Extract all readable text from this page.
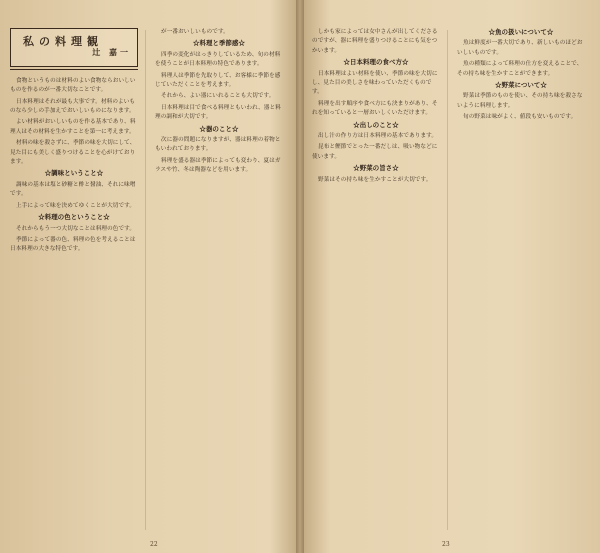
私の料理観

辻 嘉一

食物というものは材料のよい食物ならおいしいものを作るのが一番大切なことです。

日本料理はそれが最も大事です。材料のよいものなら少しの手加えでおいしいものになります。

よい材料がおいしいものを作る基本であり、料理人はその材料を生かすことを第一に考えます。

材料の味を殺さずに、季節の味を大切にして、見た目にも美しく盛りつけることを心がけております。

☆調味ということ☆

調味の基本は塩と砂糖と酢と醤油、それに味噌です。

上手によって味を決めてゆくことが大切です。

☆料理の色ということ☆

それからもう一つ大切なことは料理の色です。

季節によって器の色、料理の色を考えることは日本料理の大きな特色です。

が一番おいしいものです。

☆料理と季節感☆

四季の変化がはっきりしているため、旬の材料を使うことが日本料理の特色であります。

料理人は季節を先取りして、お客様に季節を感じていただくことを考えます。

それから、よい器にいれることも大切です。

日本料理は目で食べる料理ともいわれ、器と料理の調和が大切です。

☆器のこと☆

次に器の問題になりますが、器は料理の着物ともいわれております。

料理を盛る器は季節によっても変わり、夏はガラスや竹、冬は陶器などを用います。

22

しかも家によっては女中さんが出してくださるのですが、器に料理を盛りつけることにも気をつかいます。

☆日本料理の食べ方☆

日本料理はよい材料を使い、季節の味を大切にし、見た目の美しさを味わっていただくものです。

料理を出す順序や食べ方にも決まりがあり、それを知っていると一層おいしくいただけます。

☆出しのこと☆

出し汁の作り方は日本料理の基本であります。

昆布と鰹節でとった一番だしは、吸い物などに使います。

☆野菜の旨さ☆

野菜はその持ち味を生かすことが大切です。

☆魚の扱いについて☆

魚は鮮度が一番大切であり、新しいものほどおいしいものです。

魚の種類によって料理の仕方を変えることで、その持ち味を生かすことができます。

☆野菜について☆

野菜は季節のものを使い、その持ち味を殺さないように料理します。

旬の野菜は味がよく、値段も安いものです。

23
